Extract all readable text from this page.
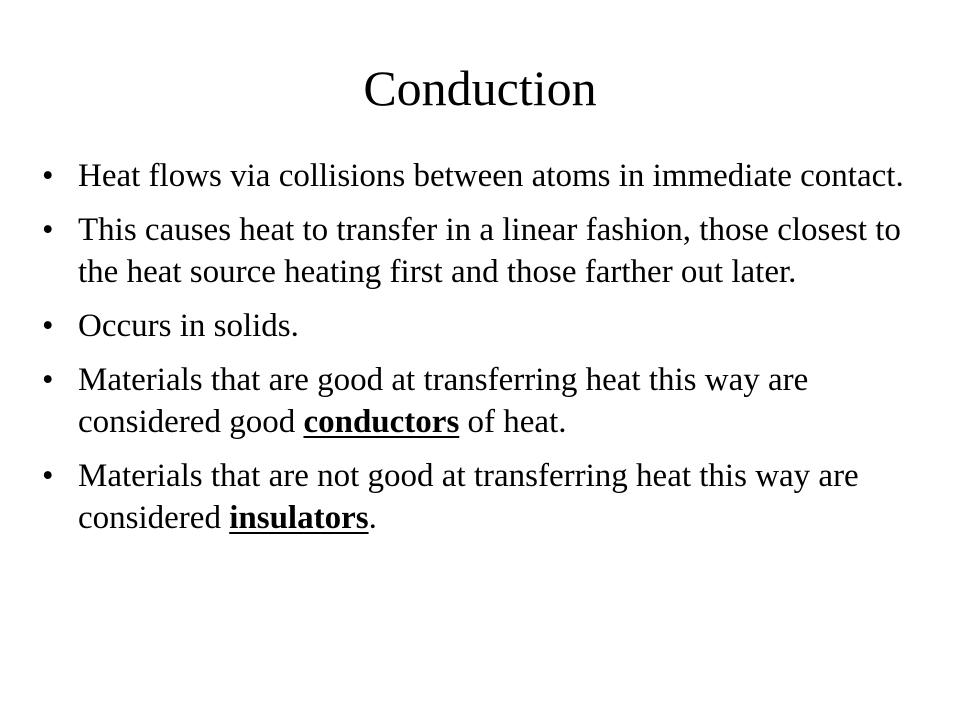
Conduction
• Heat flows via collisions between atoms in immediate contact.
• This causes heat to transfer in a linear fashion, those closest to the heat source heating first and those farther out later.
• Occurs in solids.
• Materials that are good at transferring heat this way are considered good conductors of heat.
• Materials that are not good at transferring heat this way are considered insulators.
